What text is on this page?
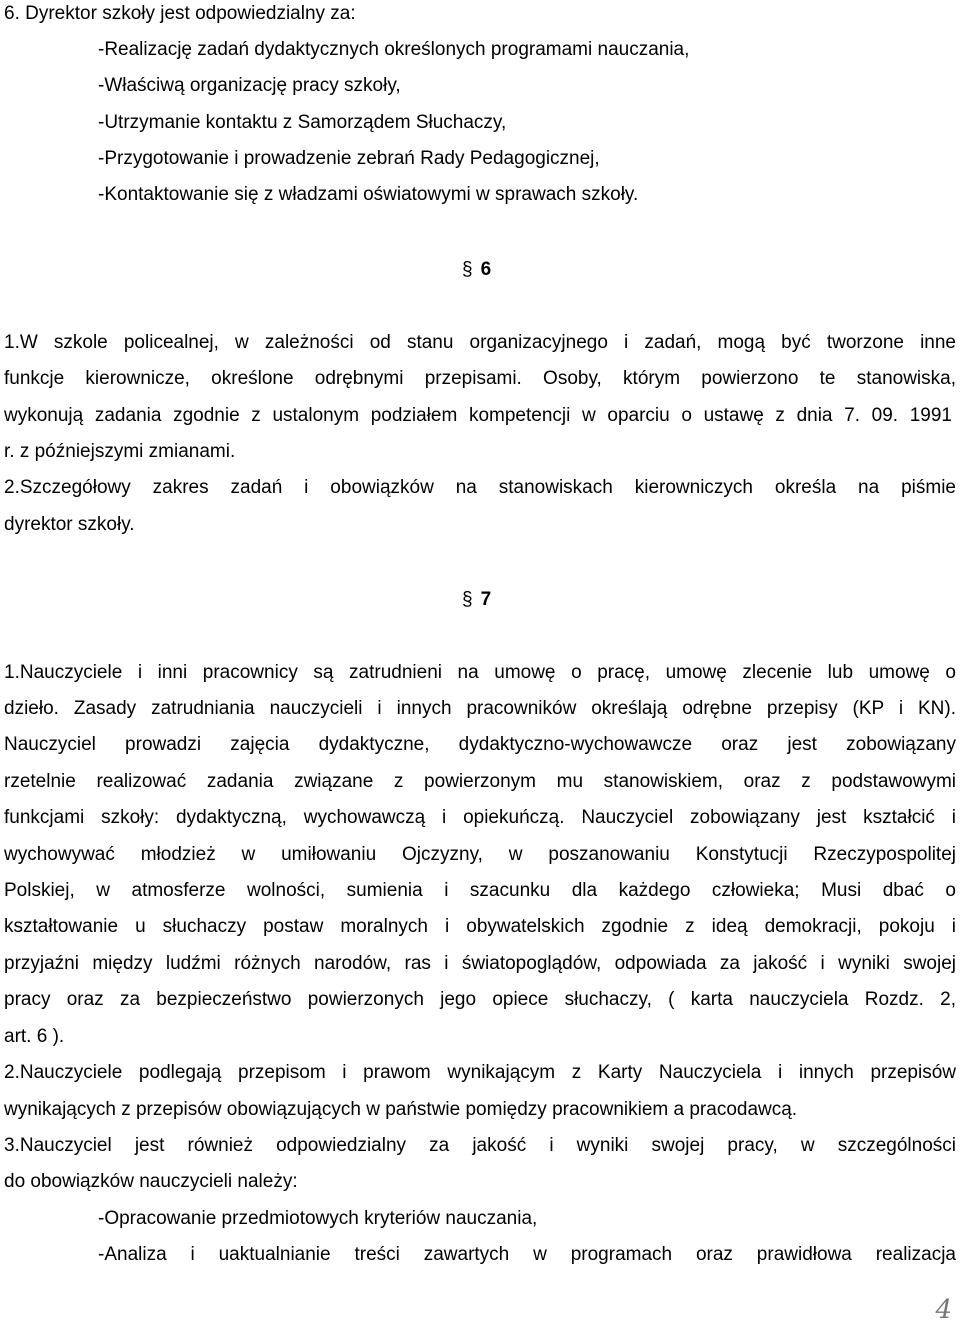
6. Dyrektor szkoły jest odpowiedzialny za:
-Realizację zadań dydaktycznych określonych programami nauczania,
-Właściwą organizację pracy szkoły,
-Utrzymanie kontaktu z Samorządem Słuchaczy,
-Przygotowanie i prowadzenie zebrań Rady Pedagogicznej,
-Kontaktowanie się z władzami oświatowymi w sprawach szkoły.
§ 6
1.W szkole policealnej, w zależności od stanu organizacyjnego i zadań, mogą być tworzone inne
funkcje kierownicze, określone odrębnymi przepisami. Osoby, którym powierzono te stanowiska,
wykonują zadania zgodnie z ustalonym podziałem kompetencji w oparciu o ustawę z dnia 7. 09. 1991
r. z późniejszymi zmianami.
2.Szczegółowy zakres zadań i obowiązków na stanowiskach kierowniczych określa na piśmie
dyrektor szkoły.
§ 7
1.Nauczyciele i inni pracownicy są zatrudnieni na umowę o pracę, umowę zlecenie lub umowę o
dzieło. Zasady zatrudniania nauczycieli i innych pracowników określają odrębne przepisy (KP i KN).
Nauczyciel prowadzi zajęcia dydaktyczne, dydaktyczno-wychowawcze oraz jest zobowiązany
rzetelnie realizować zadania związane z powierzonym mu stanowiskiem, oraz z podstawowymi
funkcjami szkoły: dydaktyczną, wychowawczą i opiekuńczą. Nauczyciel zobowiązany jest kształcić i
wychowywać młodzież w umiłowaniu Ojczyzny, w poszanowaniu Konstytucji Rzeczypospolitej
Polskiej, w atmosferze wolności, sumienia i szacunku dla każdego człowieka; Musi dbać o
kształtowanie u słuchaczy postaw moralnych i obywatelskich zgodnie z ideą demokracji, pokoju i
przyjaźni między ludźmi różnych narodów, ras i światopoglądów, odpowiada za jakość i wyniki swojej
pracy oraz za bezpieczeństwo powierzonych jego opiece słuchaczy, ( karta nauczyciela Rozdz. 2,
art. 6 ).
2.Nauczyciele podlegają przepisom i prawom wynikającym z Karty Nauczyciela i innych przepisów
wynikających z przepisów obowiązujących w państwie pomiędzy pracownikiem a pracodawcą.
3.Nauczyciel jest również odpowiedzialny za jakość i wyniki swojej pracy, w szczególności
do obowiązków nauczycieli należy:
-Opracowanie przedmiotowych kryteriów nauczania,
-Analiza i uaktualnianie treści zawartych w programach oraz prawidłowa realizacja
4
